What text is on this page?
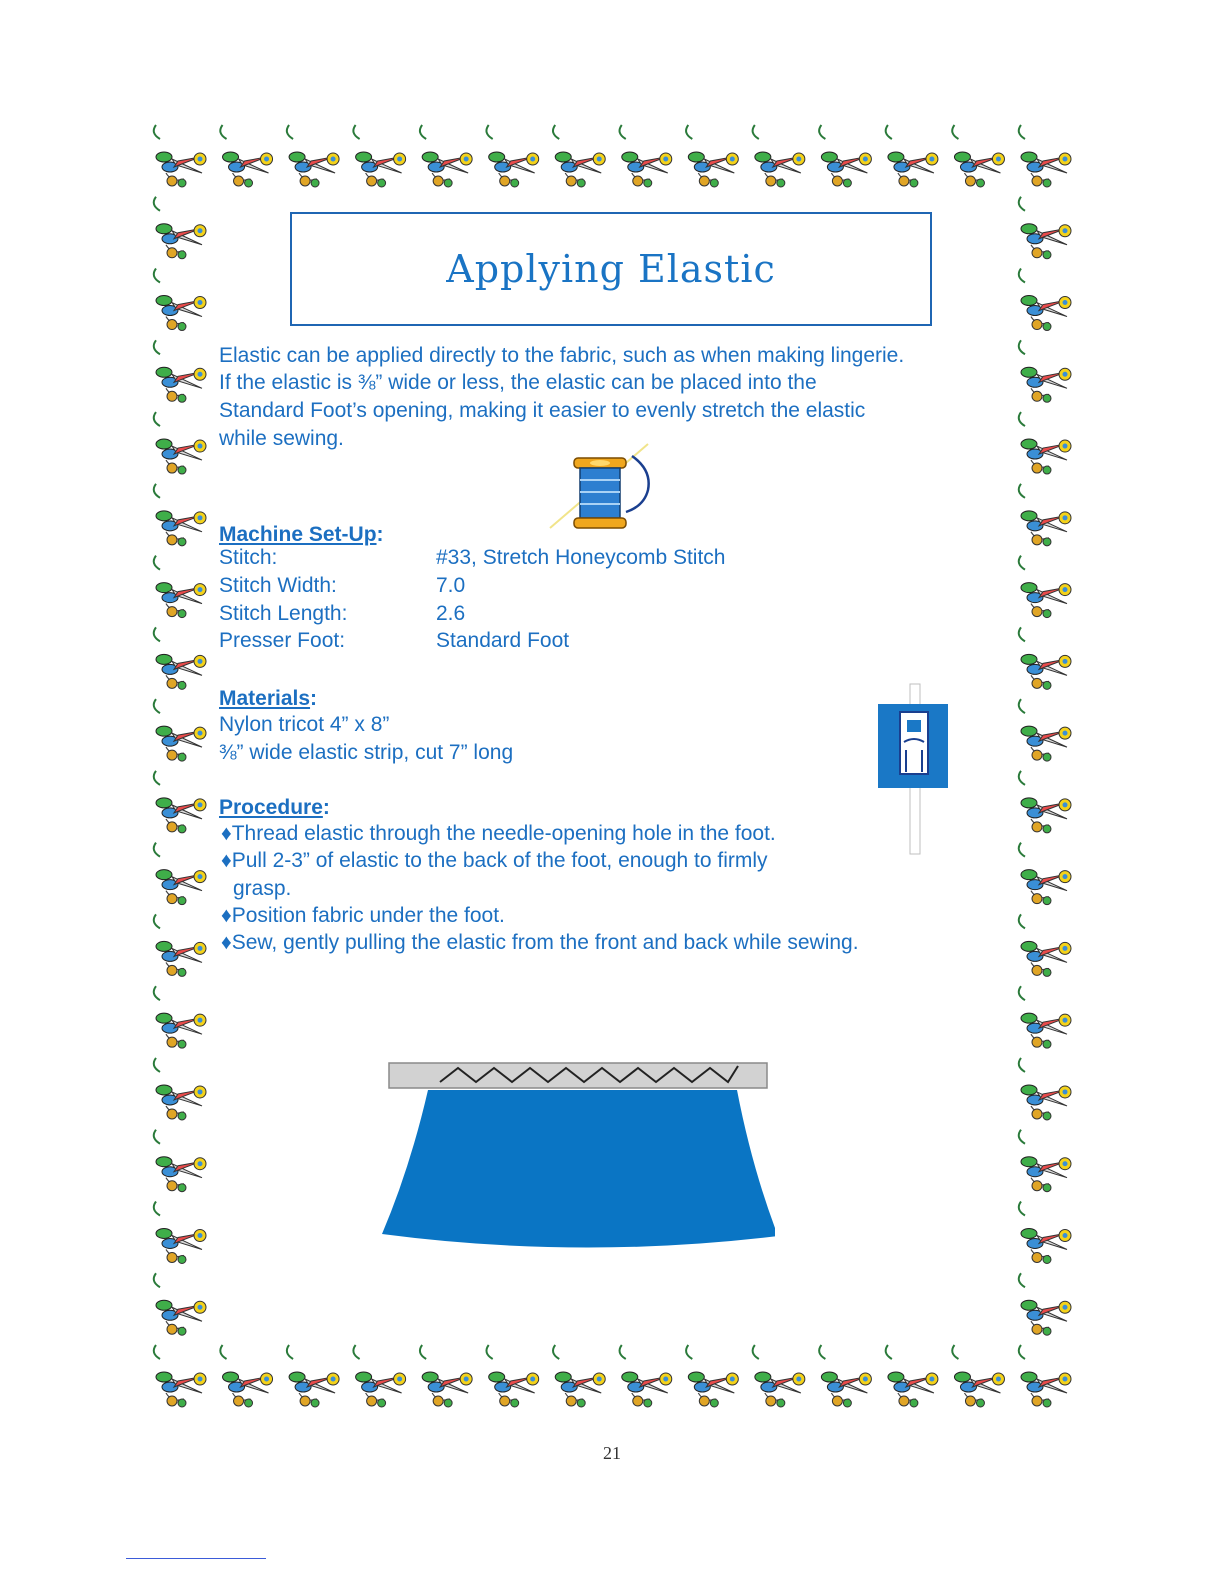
Applying Elastic
Elastic can be applied directly to the fabric, such as when making lingerie.
If the elastic is ⅜” wide or less, the elastic can be placed into the
Standard Foot’s opening, making it easier to evenly stretch the elastic
while sewing.
Machine Set-Up:
Stitch:	#33, Stretch Honeycomb Stitch
Stitch Width:	7.0
Stitch Length:	2.6
Presser Foot:	Standard Foot
Materials:
Nylon tricot 4” x 8”
⅜” wide elastic strip, cut 7” long
Procedure:
♦Thread elastic through the needle-opening hole in the foot.
♦Pull 2-3” of elastic to the back of the foot, enough to firmly
grasp.
♦Position fabric under the foot.
♦Sew, gently pulling the elastic from the front and back while sewing.
21
